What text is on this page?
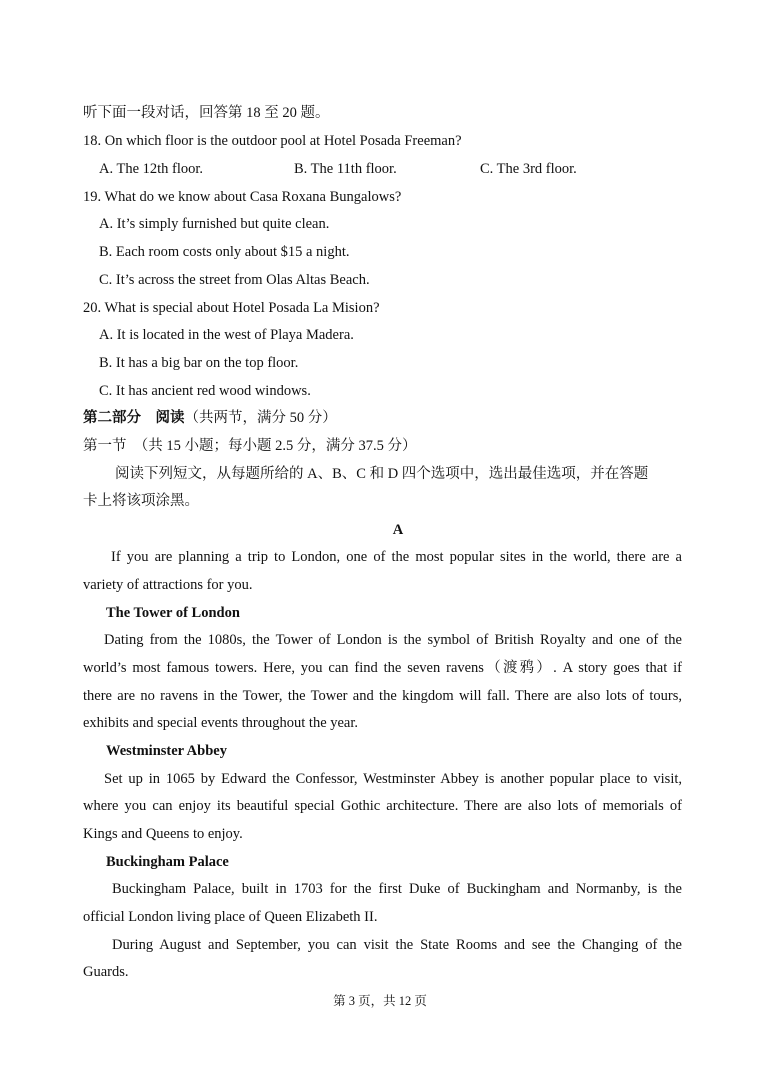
听下面一段对话，回答第 18 至 20 题。
18. On which floor is the outdoor pool at Hotel Posada Freeman?
A. The 12th floor.	B. The 11th floor.	C. The 3rd floor.
19. What do we know about Casa Roxana Bungalows?
A. It’s simply furnished but quite clean.
B. Each room costs only about $15 a night.
C. It’s across the street from Olas Altas Beach.
20. What is special about Hotel Posada La Mision?
A. It is located in the west of Playa Madera.
B. It has a big bar on the top floor.
C. It has ancient red wood windows.
第二部分　阅读（共两节，满分 50 分）
第一节　（共 15 小题；每小题 2.5 分，满分 37.5 分）
阅读下列短文，从每题所给的 A、B、C 和 D 四个选项中，选出最佳选项，并在答题
卡上将该项涂黑。
A
If you are planning a trip to London, one of the most popular sites in the world, there are a
variety of attractions for you.
The Tower of London
Dating from the 1080s, the Tower of London is the symbol of British Royalty and one of the
world’s most famous towers. Here, you can find the seven ravens（渡鸦）. A story goes that if
there are no ravens in the Tower, the Tower and the kingdom will fall. There are also lots of tours,
exhibits and special events throughout the year.
Westminster Abbey
Set up in 1065 by Edward the Confessor, Westminster Abbey is another popular place to visit,
where you can enjoy its beautiful special Gothic architecture. There are also lots of memorials of
Kings and Queens to enjoy.
Buckingham Palace
Buckingham Palace, built in 1703 for the first Duke of Buckingham and Normanby, is the
official London living place of Queen Elizabeth II.
During August and September, you can visit the State Rooms and see the Changing of the
Guards.
第 3 页，共 12 页
